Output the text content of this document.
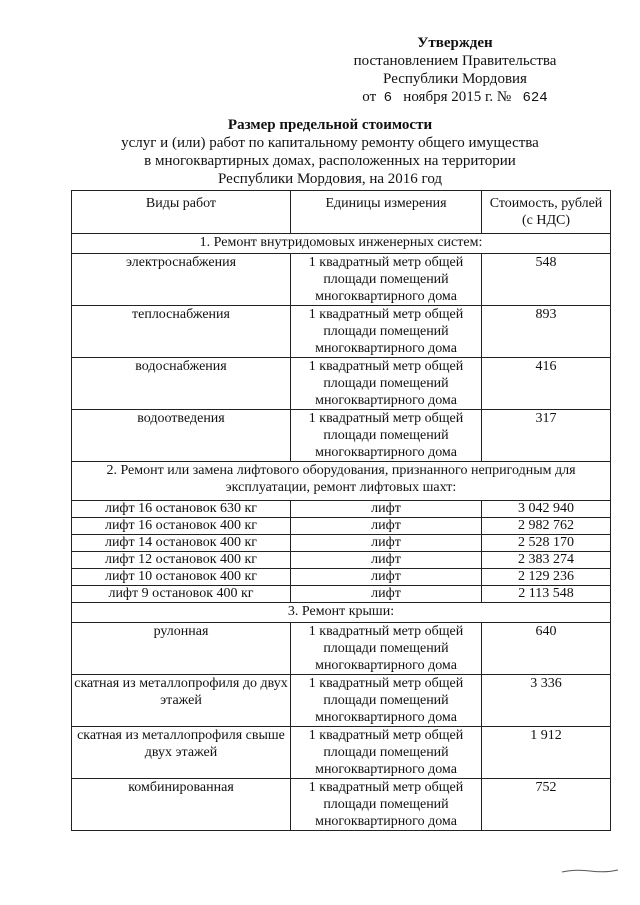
Утвержден
постановлением Правительства
Республики Мордовия
от 6 ноября 2015 г. № 624
Размер предельной стоимости
услуг и (или) работ по капитальному ремонту общего имущества
в многоквартирных домах, расположенных на территории
Республики Мордовия, на 2016 год
Виды работ	Единицы измерения	Стоимость, рублей (с НДС)
1. Ремонт внутридомовых инженерных систем:		
электроснабжения	1 квадратный метр общей площади помещений многоквартирного дома	548
теплоснабжения	1 квадратный метр общей площади помещений многоквартирного дома	893
водоснабжения	1 квадратный метр общей площади помещений многоквартирного дома	416
водоотведения	1 квадратный метр общей площади помещений многоквартирного дома	317
2. Ремонт или замена лифтового оборудования, признанного непригодным для эксплуатации, ремонт лифтовых шахт:		
лифт 16 остановок 630 кг	лифт	3 042 940
лифт 16 остановок 400 кг	лифт	2 982 762
лифт 14 остановок 400 кг	лифт	2 528 170
лифт 12 остановок 400 кг	лифт	2 383 274
лифт 10 остановок 400 кг	лифт	2 129 236
лифт 9 остановок 400 кг	лифт	2 113 548
3. Ремонт крыши:		
рулонная	1 квадратный метр общей площади помещений многоквартирного дома	640
скатная из металлопрофиля до двух этажей	1 квадратный метр общей площади помещений многоквартирного дома	3 336
скатная из металлопрофиля свыше двух этажей	1 квадратный метр общей площади помещений многоквартирного дома	1 912
комбинированная	1 квадратный метр общей площади помещений многоквартирного дома	752
